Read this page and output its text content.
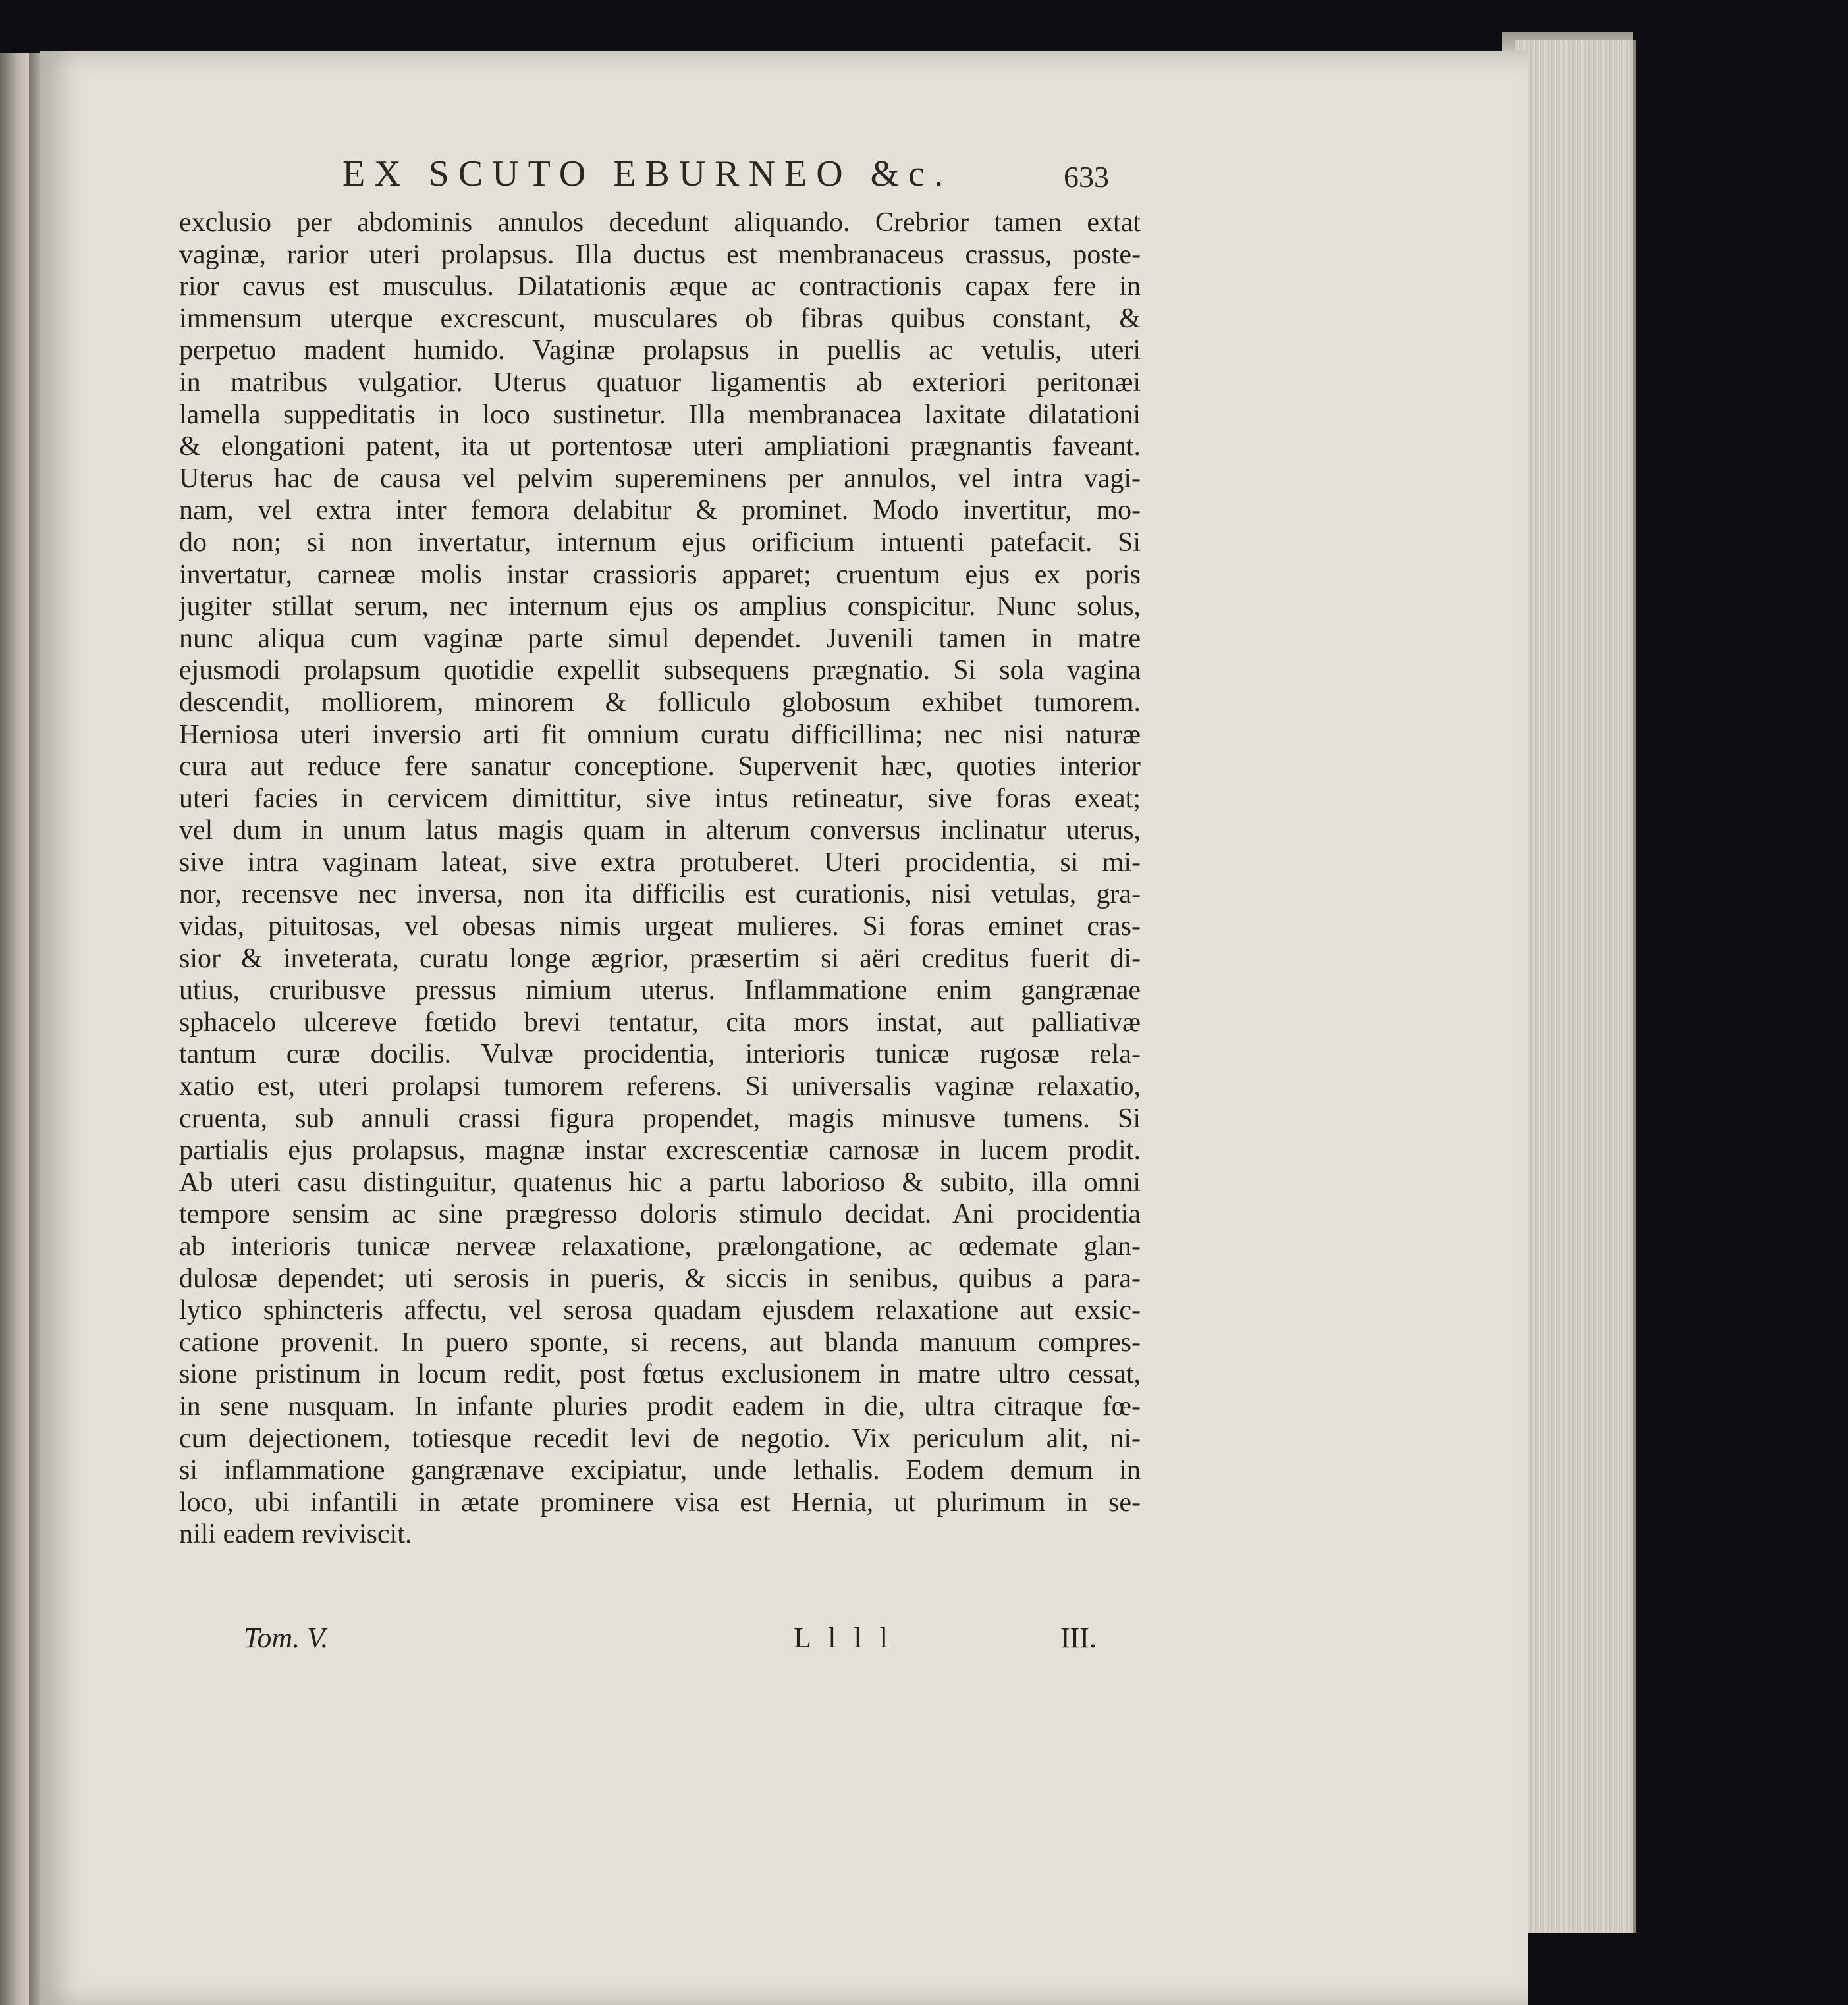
EX SCUTO EBURNEO &c.	633
exclusio per abdominis annulos decedunt aliquando. Crebrior tamen extat
vaginæ, rarior uteri prolapsus. Illa ductus est membranaceus crassus, poste-
rior cavus est musculus. Dilatationis æque ac contractionis capax fere in
immensum uterque excrescunt, musculares ob fibras quibus constant, &
perpetuo madent humido. Vaginæ prolapsus in puellis ac vetulis, uteri
in matribus vulgatior. Uterus quatuor ligamentis ab exteriori peritonæi
lamella suppeditatis in loco sustinetur. Illa membranacea laxitate dilatationi
& elongationi patent, ita ut portentosæ uteri ampliationi prægnantis faveant.
Uterus hac de causa vel pelvim supereminens per annulos, vel intra vagi-
nam, vel extra inter femora delabitur & prominet. Modo invertitur, mo-
do non; si non invertatur, internum ejus orificium intuenti patefacit. Si
invertatur, carneæ molis instar crassioris apparet; cruentum ejus ex poris
jugiter stillat serum, nec internum ejus os amplius conspicitur. Nunc solus,
nunc aliqua cum vaginæ parte simul dependet. Juvenili tamen in matre
ejusmodi prolapsum quotidie expellit subsequens prægnatio. Si sola vagina
descendit, molliorem, minorem & folliculo globosum exhibet tumorem.
Herniosa uteri inversio arti fit omnium curatu difficillima; nec nisi naturæ
cura aut reduce fere sanatur conceptione. Supervenit hæc, quoties interior
uteri facies in cervicem dimittitur, sive intus retineatur, sive foras exeat;
vel dum in unum latus magis quam in alterum conversus inclinatur uterus,
sive intra vaginam lateat, sive extra protuberet. Uteri procidentia, si mi-
nor, recensve nec inversa, non ita difficilis est curationis, nisi vetulas, gra-
vidas, pituitosas, vel obesas nimis urgeat mulieres. Si foras eminet cras-
sior & inveterata, curatu longe ægrior, præsertim si aëri creditus fuerit di-
utius, cruribusve pressus nimium uterus. Inflammatione enim gangrænae
sphacelo ulcereve fœtido brevi tentatur, cita mors instat, aut palliativæ
tantum curæ docilis. Vulvæ procidentia, interioris tunicæ rugosæ rela-
xatio est, uteri prolapsi tumorem referens. Si universalis vaginæ relaxatio,
cruenta, sub annuli crassi figura propendet, magis minusve tumens. Si
partialis ejus prolapsus, magnæ instar excrescentiæ carnosæ in lucem prodit.
Ab uteri casu distinguitur, quatenus hic a partu laborioso & subito, illa omni
tempore sensim ac sine prægresso doloris stimulo decidat. Ani procidentia
ab interioris tunicæ nerveæ relaxatione, prælongatione, ac œdemate glan-
dulosæ dependet; uti serosis in pueris, & siccis in senibus, quibus a para-
lytico sphincteris affectu, vel serosa quadam ejusdem relaxatione aut exsic-
catione provenit. In puero sponte, si recens, aut blanda manuum compres-
sione pristinum in locum redit, post fœtus exclusionem in matre ultro cessat,
in sene nusquam. In infante pluries prodit eadem in die, ultra citraque fœ-
cum dejectionem, totiesque recedit levi de negotio. Vix periculum alit, ni-
si inflammatione gangrænave excipiatur, unde lethalis. Eodem demum in
loco, ubi infantili in ætate prominere visa est Hernia, ut plurimum in se-
nili eadem reviviscit.
Tom. V.	L l l l	III.
